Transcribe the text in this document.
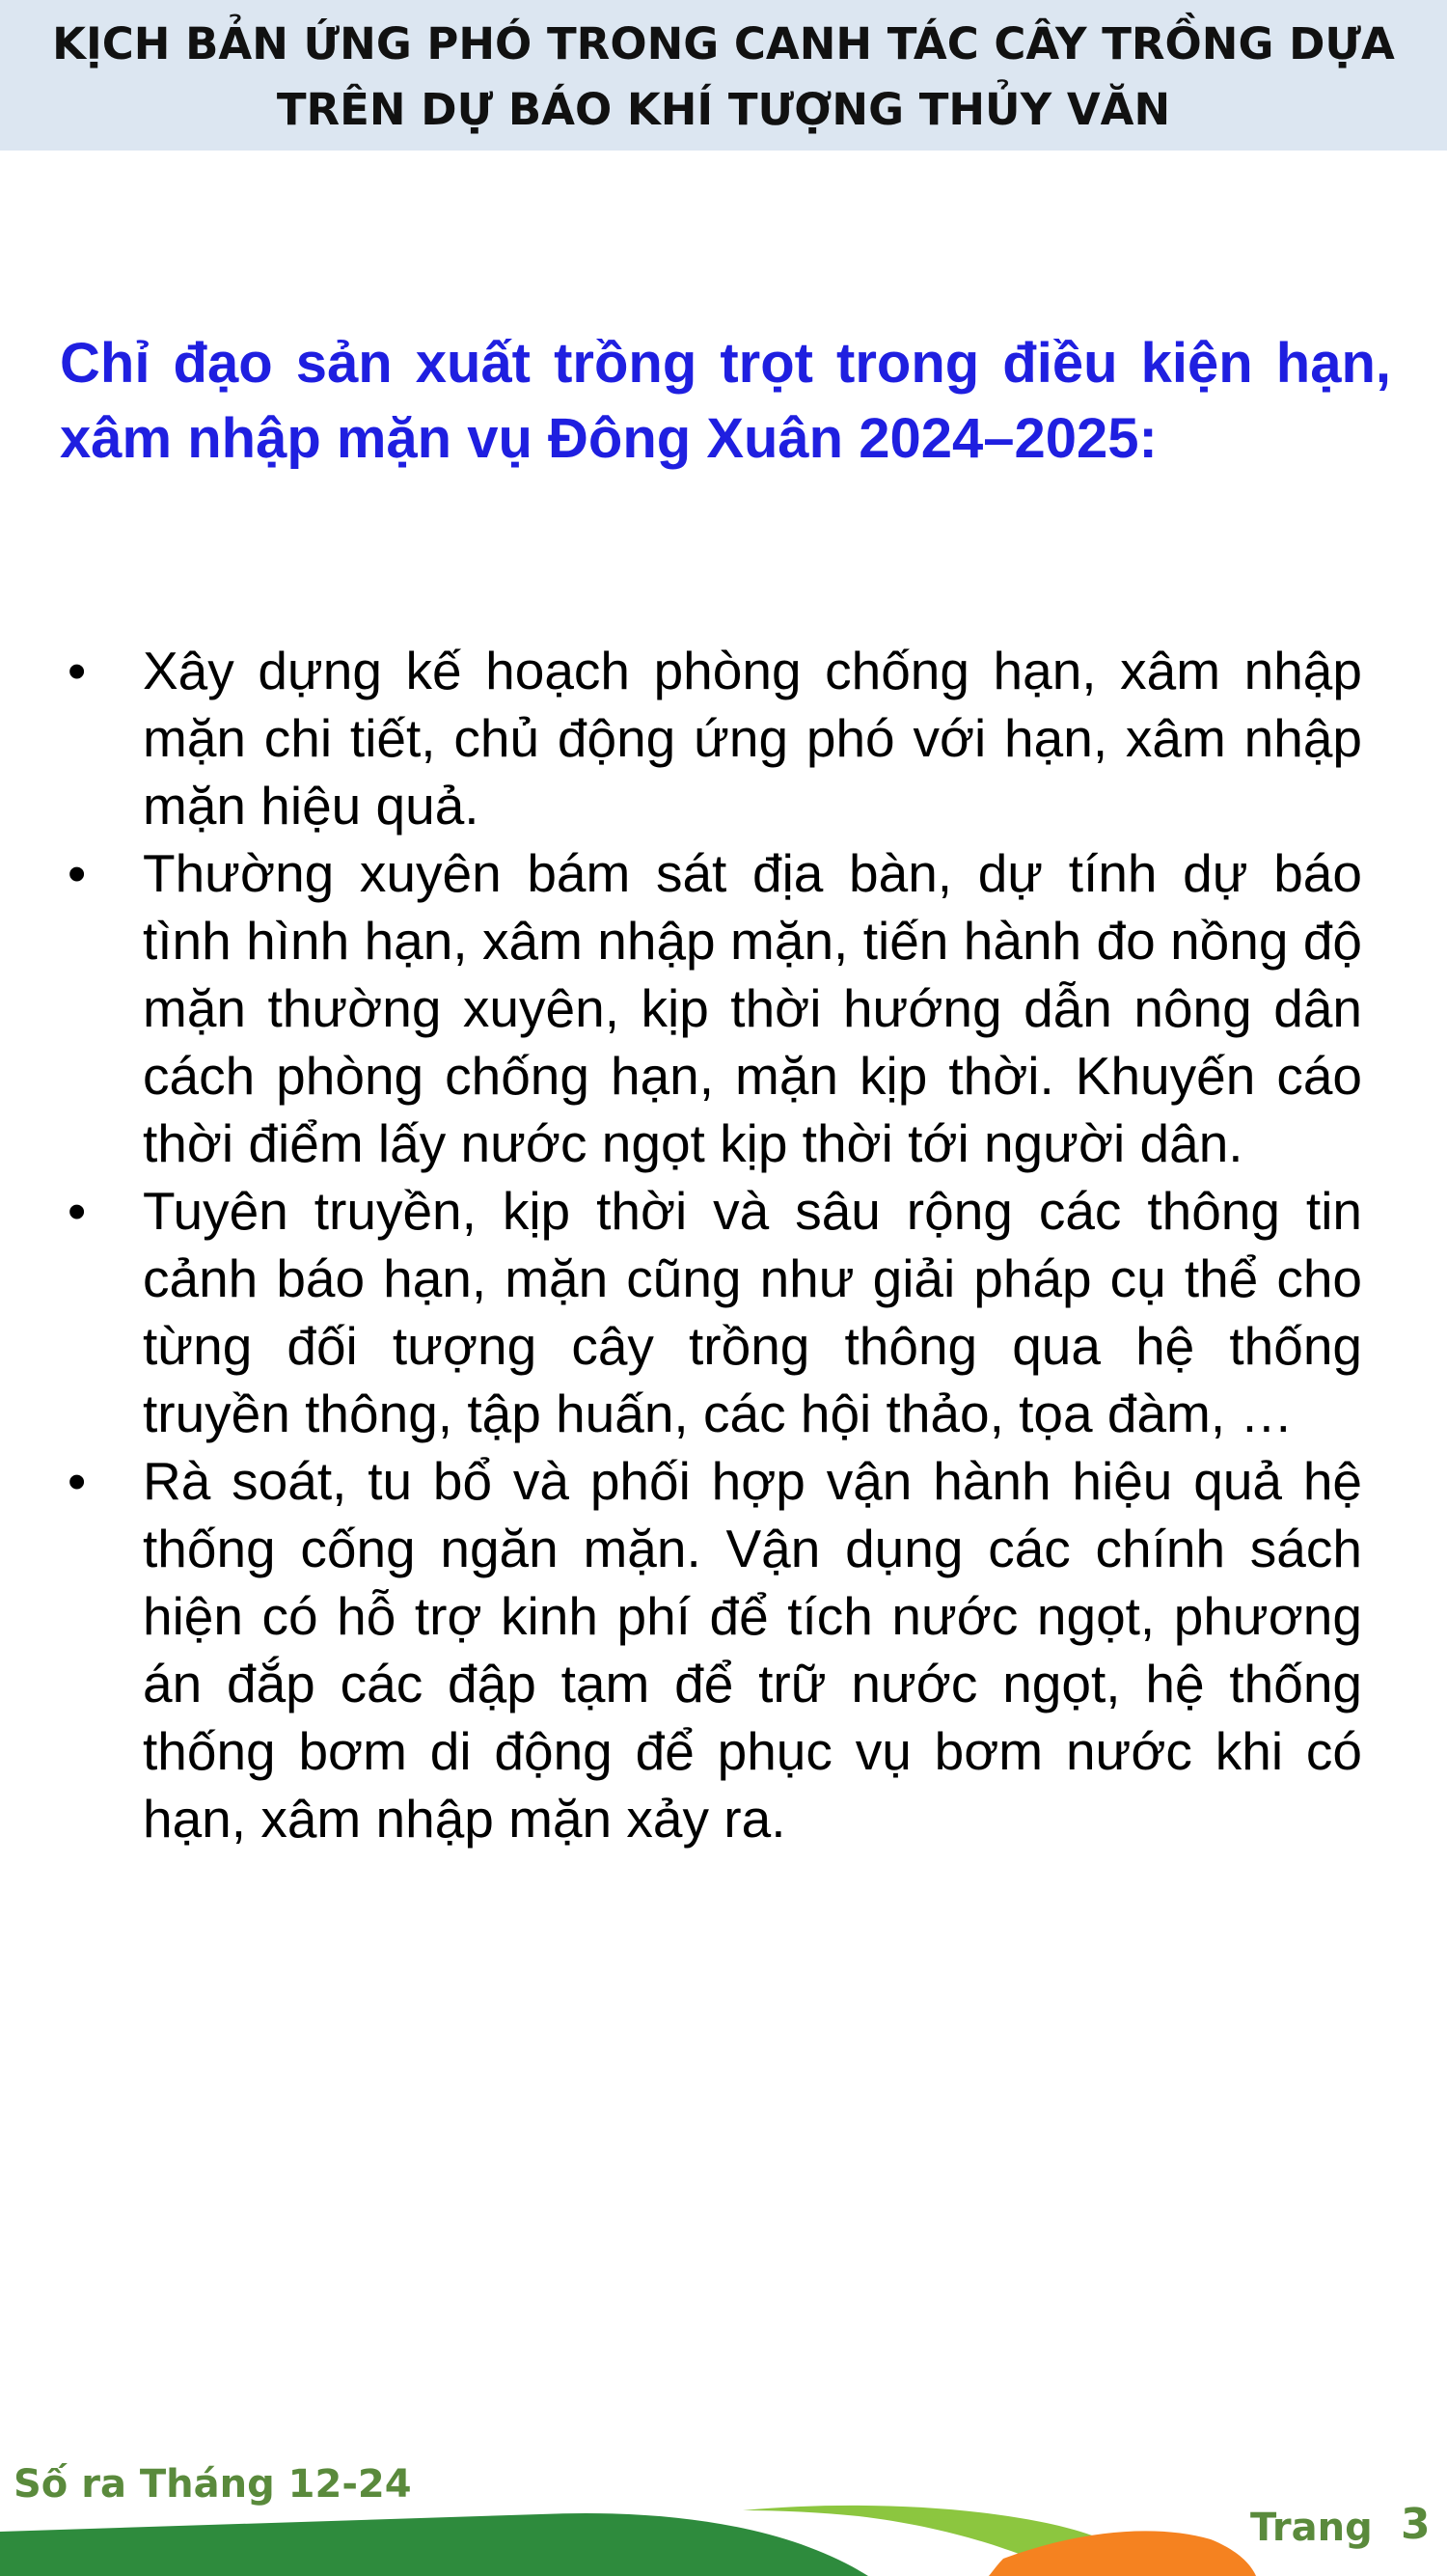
KỊCH BẢN ỨNG PHÓ TRONG CANH TÁC CÂY TRỒNG DỰA
TRÊN DỰ BÁO KHÍ TƯỢNG THỦY VĂN
Chỉ đạo sản xuất trồng trọt trong điều kiện hạn, xâm nhập mặn vụ Đông Xuân 2024–2025:
• Xây dựng kế hoạch phòng chống hạn, xâm nhập mặn chi tiết, chủ động ứng phó với hạn, xâm nhập mặn hiệu quả.
• Thường xuyên bám sát địa bàn, dự tính dự báo tình hình hạn, xâm nhập mặn, tiến hành đo nồng độ mặn thường xuyên, kịp thời hướng dẫn nông dân cách phòng chống hạn, mặn kịp thời. Khuyến cáo thời điểm lấy nước ngọt kịp thời tới người dân.
• Tuyên truyền, kịp thời và sâu rộng các thông tin cảnh báo hạn, mặn cũng như giải pháp cụ thể cho từng đối tượng cây trồng thông qua hệ thống truyền thông, tập huấn, các hội thảo, tọa đàm, …
• Rà soát, tu bổ và phối hợp vận hành hiệu quả hệ thống cống ngăn mặn. Vận dụng các chính sách hiện có hỗ trợ kinh phí để tích nước ngọt, phương án đắp các đập tạm để trữ nước ngọt, hệ thống thống bơm di động để phục vụ bơm nước khi có hạn, xâm nhập mặn xảy ra.
Số ra Tháng 12-24
Trang 3
